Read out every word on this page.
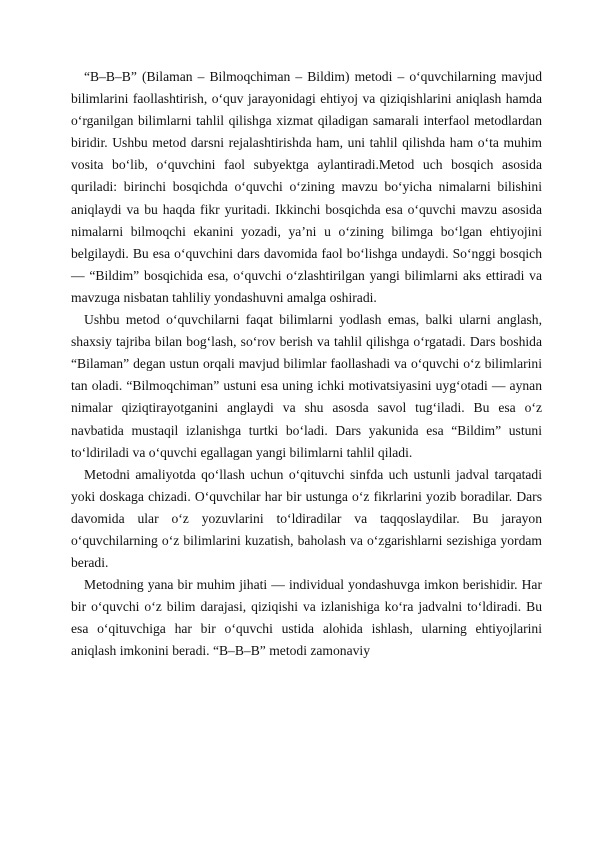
“B–B–B” (Bilaman – Bilmoqchiman – Bildim) metodi – o‘quvchilarning mavjud bilimlarini faollashtirish, o‘quv jarayonidagi ehtiyoj va qiziqishlarini aniqlash hamda o‘rganilgan bilimlarni tahlil qilishga xizmat qiladigan samarali interfaol metodlardan biridir. Ushbu metod darsni rejalashtirishda ham, uni tahlil qilishda ham o‘ta muhim vosita bo‘lib, o‘quvchini faol subyektga aylantiradi.Metod uch bosqich asosida quriladi: birinchi bosqichda o‘quvchi o‘zining mavzu bo‘yicha nimalarni bilishini aniqlaydi va bu haqda fikr yuritadi. Ikkinchi bosqichda esa o‘quvchi mavzu asosida nimalarni bilmoqchi ekanini yozadi, ya’ni u o‘zining bilimga bo‘lgan ehtiyojini belgilaydi. Bu esa o‘quvchini dars davomida faol bo‘lishga undaydi. So‘nggi bosqich — “Bildim” bosqichida esa, o‘quvchi o‘zlashtirilgan yangi bilimlarni aks ettiradi va mavzuga nisbatan tahliliy yondashuvni amalga oshiradi.

Ushbu metod o‘quvchilarni faqat bilimlarni yodlash emas, balki ularni anglash, shaxsiy tajriba bilan bog‘lash, so‘rov berish va tahlil qilishga o‘rgatadi. Dars boshida “Bilaman” degan ustun orqali mavjud bilimlar faollashadi va o‘quvchi o‘z bilimlarini tan oladi. “Bilmoqchiman” ustuni esa uning ichki motivatsiyasini uyg‘otadi — aynan nimalar qiziqtirayotganini anglaydi va shu asosda savol tug‘iladi. Bu esa o‘z navbatida mustaqil izlanishga turtki bo‘ladi. Dars yakunida esa “Bildim” ustuni to‘ldiriladi va o‘quvchi egallagan yangi bilimlarni tahlil qiladi.

Metodni amaliyotda qo‘llash uchun o‘qituvchi sinfda uch ustunli jadval tarqatadi yoki doskaga chizadi. O‘quvchilar har bir ustunga o‘z fikrlarini yozib boradilar. Dars davomida ular o‘z yozuvlarini to‘ldiradilar va taqqoslaydilar. Bu jarayon o‘quvchilarning o‘z bilimlarini kuzatish, baholash va o‘zgarishlarni sezishiga yordam beradi.

Metodning yana bir muhim jihati — individual yondashuvga imkon berishidir. Har bir o‘quvchi o‘z bilim darajasi, qiziqishi va izlanishiga ko‘ra jadvalni to‘ldiradi. Bu esa o‘qituvchiga har bir o‘quvchi ustida alohida ishlash, ularning ehtiyojlarini aniqlash imkonini beradi. “B–B–B” metodi zamonaviy
